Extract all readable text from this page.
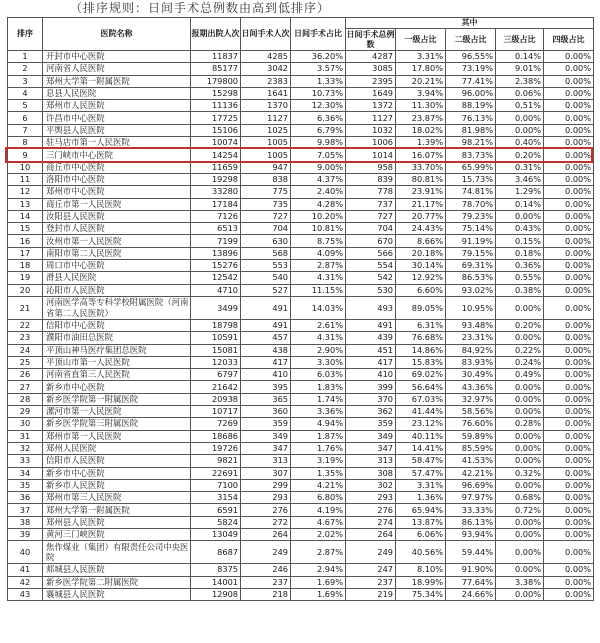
（排序规则：日间手术总例数由高到低排序）
排序	医院名称	报期出院人次	日间手术人次	日间手术占比	其中				
					日间手术总例数	一级占比	二级占比	三级占比	四级占比
1	开封市中心医院	11837	4285	36.20%	4287	3.31%	96.55%	0.14%	0.00%
2	河南省人民医院	85177	3042	3.57%	3085	17.80%	73.19%	9.01%	0.00%
3	郑州大学第一附属医院	179800	2383	1.33%	2395	20.21%	77.41%	2.38%	0.00%
4	息县人民医院	15298	1641	10.73%	1649	3.94%	96.00%	0.06%	0.00%
5	郑州市人民医院	11136	1370	12.30%	1372	11.30%	88.19%	0.51%	0.00%
6	许昌市中心医院	17725	1127	6.36%	1127	23.87%	76.13%	0.00%	0.00%
7	平舆县人民医院	15106	1025	6.79%	1032	18.02%	81.98%	0.00%	0.00%
8	驻马店市第一人民医院	10074	1005	9.98%	1006	1.39%	98.21%	0.40%	0.00%
9	三门峡市中心医院	14254	1005	7.05%	1014	16.07%	83.73%	0.20%	0.00%
10	商丘市中心医院	11659	947	9.00%	958	33.70%	65.99%	0.31%	0.00%
11	洛阳市中心医院	19298	838	4.37%	839	80.81%	15.73%	3.46%	0.00%
12	郑州市中心医院	33280	775	2.40%	778	23.91%	74.81%	1.29%	0.00%
13	商丘市第一人民医院	17184	735	4.28%	737	21.17%	78.70%	0.14%	0.00%
14	汝阳县人民医院	7126	727	10.20%	727	20.77%	79.23%	0.00%	0.00%
15	登封市人民医院	6513	704	10.81%	704	24.43%	75.14%	0.43%	0.00%
16	汝州市第一人民医院	7199	630	8.75%	670	8.66%	91.19%	0.15%	0.00%
17	南阳市第二人民医院	13896	568	4.09%	566	20.18%	79.15%	0.18%	0.00%
18	周口市中心医院	15276	553	2.87%	554	30.14%	69.31%	0.36%	0.00%
19	滑县人民医院	12542	540	4.31%	542	12.92%	86.53%	0.55%	0.00%
20	沁阳市人民医院	4710	527	11.15%	530	6.60%	93.02%	0.38%	0.00%
21	河南医学高等专科学校附属医院（河南省第二人民医院）	3499	491	14.03%	493	89.05%	10.95%	0.00%	0.00%
22	信阳市中心医院	18798	491	2.61%	491	6.31%	93.48%	0.20%	0.00%
23	濮阳市油田总医院	10591	457	4.31%	439	76.68%	23.31%	0.00%	0.00%
24	平顶山神马医疗集团总医院	15081	438	2.90%	451	14.86%	84.92%	0.22%	0.00%
25	平顶山市第一人民医院	12033	417	3.30%	417	15.83%	83.93%	0.24%	0.00%
26	河南省直第三人民医院	6797	410	6.03%	410	69.02%	30.49%	0.49%	0.00%
27	新乡市中心医院	21642	395	1.83%	399	56.64%	43.36%	0.00%	0.00%
28	新乡医学院第一附属医院	20938	365	1.74%	370	67.03%	32.97%	0.00%	0.00%
29	漯河市第一人民医院	10717	360	3.36%	362	41.44%	58.56%	0.00%	0.00%
30	新乡医学院第三附属医院	7269	359	4.94%	359	23.12%	76.60%	0.28%	0.00%
31	郑州市第一人民医院	18686	349	1.87%	349	40.11%	59.89%	0.00%	0.00%
32	郑州人民医院	19726	347	1.76%	347	14.41%	85.59%	0.00%	0.00%
33	信阳市人民医院	9821	313	3.19%	313	58.47%	41.53%	0.00%	0.00%
34	新乡市中心医院	22691	307	1.35%	308	57.47%	42.21%	0.32%	0.00%
35	新乡市人民医院	7100	299	4.21%	302	3.31%	96.69%	0.00%	0.00%
36	郑州市第三人民医院	3154	293	6.80%	293	1.36%	97.97%	0.68%	0.00%
37	郑州大学第一附属医院	6591	276	4.19%	276	65.94%	33.33%	0.72%	0.00%
38	郑州县人民医院	5824	272	4.67%	274	13.87%	86.13%	0.00%	0.00%
39	黄河三门峡医院	13049	264	2.02%	264	6.06%	93.94%	0.00%	0.00%
40	焦作煤业（集团）有限责任公司中央医院	8687	249	2.87%	249	40.56%	59.44%	0.00%	0.00%
41	郏城县人民医院	8375	246	2.94%	247	8.10%	91.90%	0.00%	0.00%
42	新乡医学院第二附属医院	14001	237	1.69%	237	18.99%	77.64%	3.38%	0.00%
43	襄城县人民医院	12908	218	1.69%	219	75.34%	24.66%	0.00%	0.00%
